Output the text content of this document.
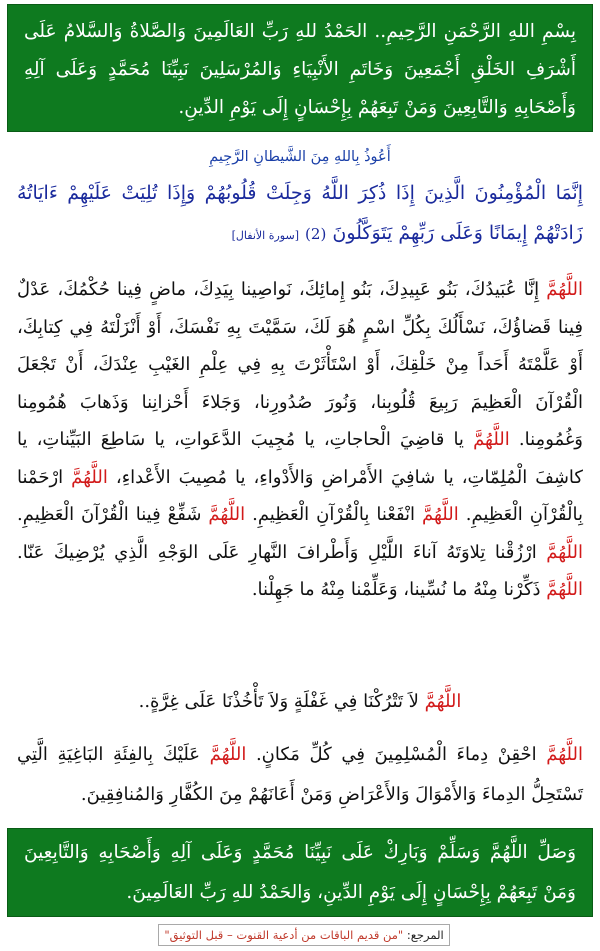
بِسْمِ اللهِ الرَّحْمَنِ الرَّحِيمِ.. الحَمْدُ للهِ رَبِّ العَالَمِينَ وَالصَّلاةُ وَالسَّلامُ عَلَى أَشْرَفِ الخَلْقِ أَجْمَعِينَ وَخَاتَمِ الأَنْبِيَاءِ وَالمُرْسَلِينَ نَبِيِّنَا مُحَمَّدٍ وَعَلَى آلِهِ وَأَصْحَابِهِ وَالتَّابِعِينَ وَمَنْ تَبِعَهُمْ بِإِحْسَانٍ إِلَى يَوْمِ الدِّينِ.
أَعُوذُ بِاللهِ مِنَ الشَّيطانِ الرَّجِيمِ
إِنَّمَا الْمُؤْمِنُونَ الَّذِينَ إِذَا ذُكِرَ اللَّهُ وَجِلَتْ قُلُوبُهُمْ وَإِذَا تُلِيَتْ عَلَيْهِمْ ءَايَاتُهُ زَادَتْهُمْ إِيمَانًا وَعَلَى رَبِّهِمْ يَتَوَكَّلُونَ (2) [سورة الأنفال]
اللَّهُمَّ إِنَّا عُبَيدُكَ، بَنُو عَبِيدِكَ، بَنُو إِمائِكَ، نَواصِينا بِيَدِكَ، ماضٍ فِينا حُكْمُكَ، عَدْلٌ فِينا قَضاؤُكَ، نَسْأَلُكَ بِكُلِّ اسْمٍ هُوَ لَكَ، سَمَّيْتَ بِهِ نَفْسَكَ، أَوْ أَنْزَلْتَهُ فِي كِتابِكَ، أَوْ عَلَّمْتَهُ أَحَداً مِنْ خَلْقِكَ، أَوْ اسْتَأْثَرْتَ بِهِ فِي عِلْمِ الغَيْبِ عِنْدَكَ، أَنْ تَجْعَلَ الْقُرْآنَ الْعَظِيمَ رَبِيعَ قُلُوبِنا، وَنُورَ صُدُورِنا، وَجَلاءَ أَحْزانِنا وَذَهابَ هُمُومِنا وَغُمُومِنا. اللَّهُمَّ يا قاضِيَ الْحاجاتِ، يا مُجِيبَ الدَّعَواتِ، يا سَاطِعَ البَيِّناتِ، يا كاشِفَ الْمُلِمّاتِ، يا شافِيَ الأَمْراضِ وَالأَدْواءِ، يا مُصِيبَ الأَعْداءِ، اللَّهُمَّ ارْحَمْنا بِالْقُرْآنِ الْعَظِيمِ. اللَّهُمَّ انْفَعْنا بِالْقُرْآنِ الْعَظِيمِ. اللَّهُمَّ شَفِّعْ فِينا الْقُرْآنَ الْعَظِيمِ. اللَّهُمَّ ارْزُقْنا تِلاوَتَهُ آناءَ اللَّيْلِ وَأَطْرافَ النَّهارِ عَلَى الوَجْهِ الَّذِي يُرْضِيكَ عَنّا. اللَّهُمَّ ذَكِّرْنا مِنْهُ ما نُسِّينا، وَعَلِّمْنا مِنْهُ ما جَهِلْنا.
اللَّهُمَّ لاَ تَتْرُكْنَا فِي غَفْلَةٍ وَلاَ تَأْخُذْنَا عَلَى غِرَّةٍ..
اللَّهُمَّ احْقِنْ دِماءَ الْمُسْلِمِينَ فِي كُلِّ مَكانٍ. اللَّهُمَّ عَلَيْكَ بِالفِئَةِ البَاغِيَةِ الَّتِي تَسْتَحِلُّ الدِماءَ وَالأَمْوَالَ وَالأَعْرَاضِ وَمَنْ أَعَانَهُمْ مِنَ الكُفَّارِ وَالمُنافِقِينَ.
وَصَلِّ اللَّهُمَّ وَسَلِّمْ وَبَارِكْ عَلَى نَبِيِّنَا مُحَمَّدٍ وَعَلَى آلِهِ وَأَصْحَابِهِ وَالتَّابِعِينَ وَمَنْ تَبِعَهُمْ بِإِحْسَانٍ إِلَى يَوْمِ الدِّينِ، وَالحَمْدُ للهِ رَبِّ العَالَمِينَ.
المرجع: "من قديم الباقات من أدعية القنوت – قبل التوثيق"
